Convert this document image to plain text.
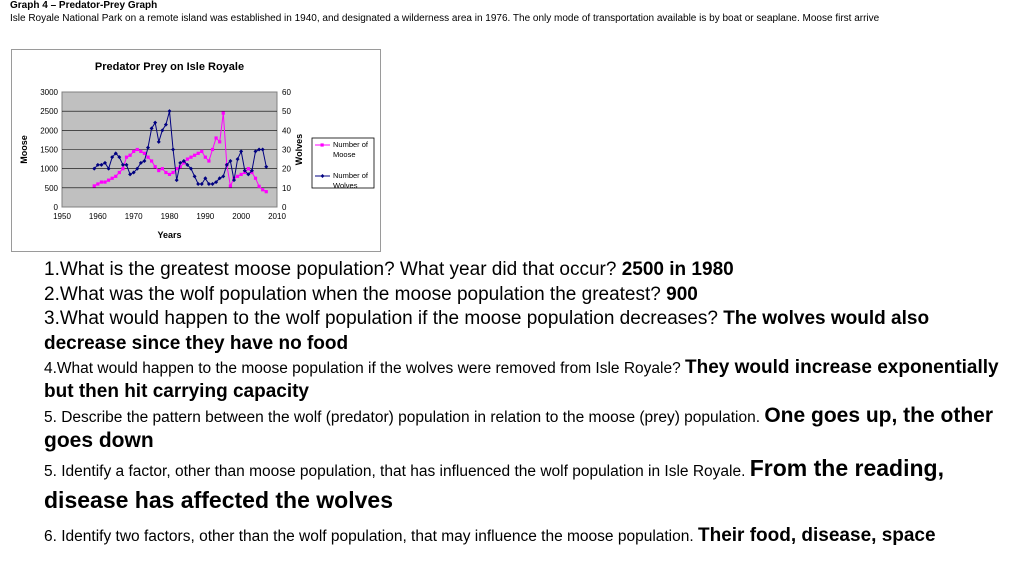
Graph 4 – Predator-Prey Graph
Isle Royale National Park on a remote island was established in 1940, and designated a wilderness area in 1976. The only mode of transportation available is by boat or seaplane. Moose first arrive
Predator Prey on Isle Royale
0
500
1000
1500
2000
2500
3000
0
10
20
30
40
50
60
1950 1960 1970 1980 1990 2000 2010
Years
Moose	Wolves	Number of Moose
Number of Wolves

1.What is the greatest moose population? What year did that occur? 2500 in 1980

2.What was the wolf population when the moose population the greatest? 900

3.What would happen to the wolf population if the moose population decreases? The wolves would also decrease since they have no food

4.What would happen to the moose population if the wolves were removed from Isle Royale? They would increase exponentially but then hit carrying capacity

5. Describe the pattern between the wolf (predator) population in relation to the moose (prey) population. One goes up, the other goes down

5. Identify a factor, other than moose population, that has influenced the wolf population in Isle Royale. From the reading, disease has affected the wolves

6. Identify two factors, other than the wolf population, that may influence the moose population. Their food, disease, space
